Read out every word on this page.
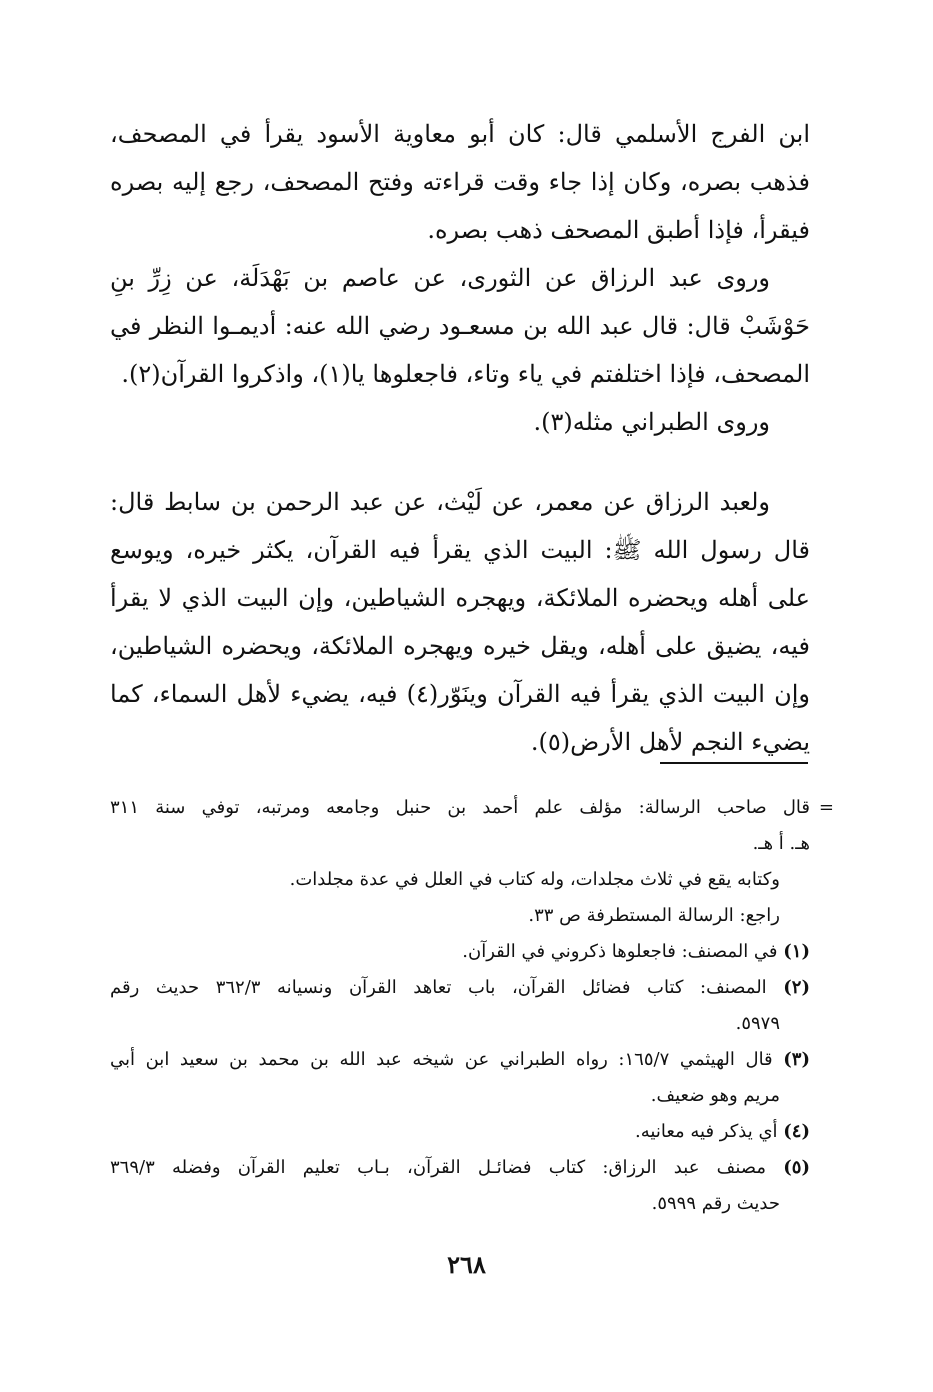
ابن الفرج الأسلمي قال: كان أبو معاوية الأسود يقرأ في المصحف، فذهب بصره، وكان إذا جاء وقت قراءته وفتح المصحف، رجع إليه بصره فيقرأ، فإذا أطبق المصحف ذهب بصره.
وروى عبد الرزاق عن الثورى، عن عاصم بن بَهْدَلَة، عن زِرِّ بنِ حَوْشَبْ قال: قال عبد الله بن مسعـود رضي الله عنه: أديمـوا النظر في المصحف، فإذا اختلفتم في ياء وتاء، فاجعلوها يا(١)، واذكروا القرآن(٢).
وروى الطبراني مثله(٣).
ولعبد الرزاق عن معمر، عن لَيْث، عن عبد الرحمن بن سابط قال: قال رسول الله ﷺ: البيت الذي يقرأ فيه القرآن، يكثر خيره، ويوسع على أهله ويحضره الملائكة، ويهجره الشياطين، وإن البيت الذي لا يقرأ فيه، يضيق على أهله، ويقل خيره ويهجره الملائكة، ويحضره الشياطين، وإن البيت الذي يقرأ فيه القرآن وينَوّر(٤) فيه، يضيء لأهل السماء، كما يضيء النجم لأهل الأرض(٥).
=
قال صاحب الرسالة: مؤلف علم أحمد بن حنبل وجامعه ومرتبه، توفي سنة ٣١١
هـ. أ هـ.
وكتابه يقع في ثلاث مجلدات، وله كتاب في العلل في عدة مجلدات.
راجع: الرسالة المستطرفة ص ٣٣.
(١) في المصنف: فاجعلوها ذكروني في القرآن.
(٢) المصنف: كتاب فضائل القرآن، باب تعاهد القرآن ونسيانه ٣٦٢/٣ حديث رقم
٥٩٧٩.
(٣) قال الهيثمي ١٦٥/٧: رواه الطبراني عن شيخه عبد الله بن محمد بن سعيد ابن أبي
مريم وهو ضعيف.
(٤) أي يذكر فيه معانيه.
(٥) مصنف عبد الرزاق: كتاب فضائـل القرآن، بـاب تعليم القرآن وفضله ٣٦٩/٣
حديث رقم ٥٩٩٩.
٢٦٨
